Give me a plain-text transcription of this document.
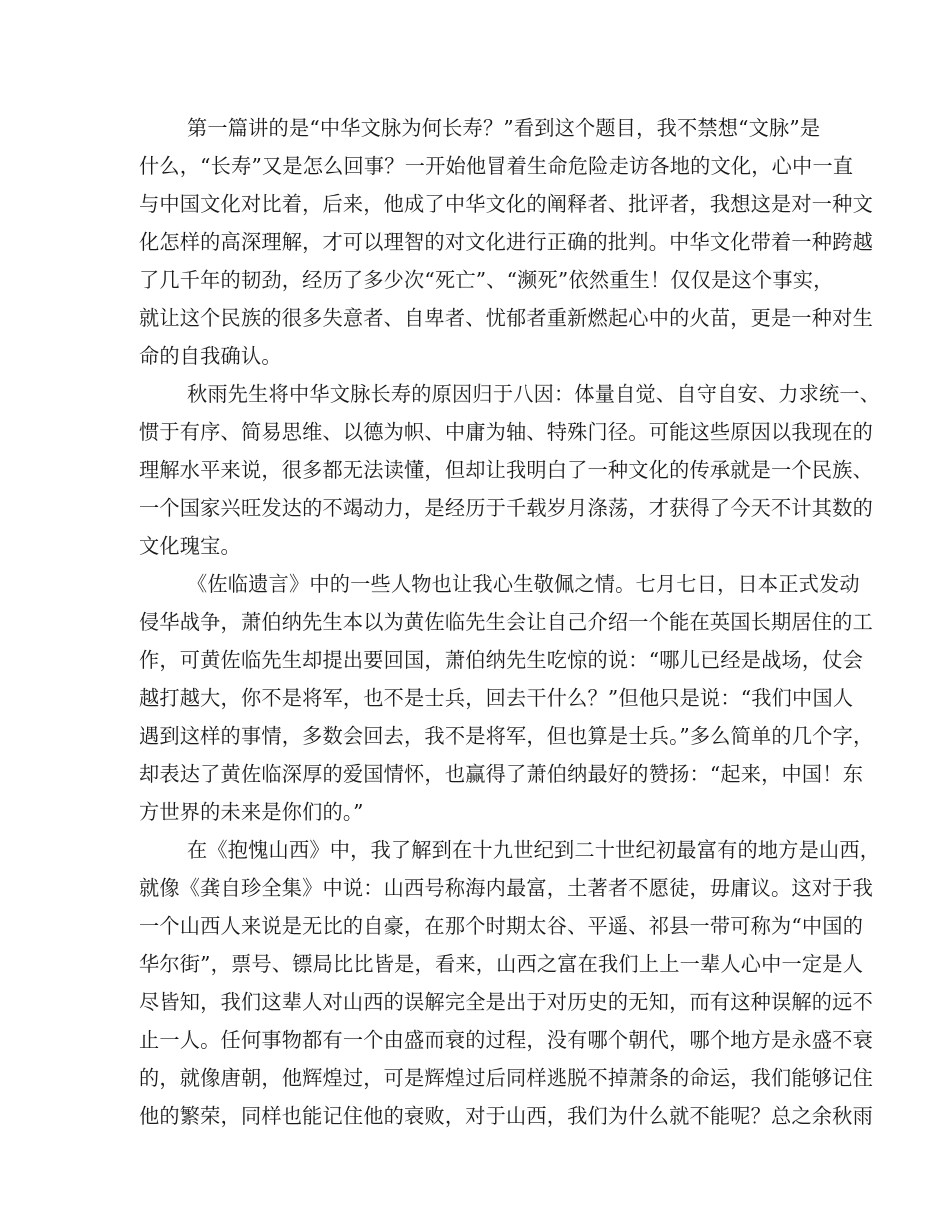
第一篇讲的是“中华文脉为何长寿？”看到这个题目，我不禁想“文脉”是
什么，“长寿”又是怎么回事？一开始他冒着生命危险走访各地的文化，心中一直
与中国文化对比着，后来，他成了中华文化的阐释者、批评者，我想这是对一种文
化怎样的高深理解，才可以理智的对文化进行正确的批判。中华文化带着一种跨越
了几千年的韧劲，经历了多少次“死亡”、“濒死”依然重生！仅仅是这个事实，
就让这个民族的很多失意者、自卑者、忧郁者重新燃起心中的火苗，更是一种对生
命的自我确认。
秋雨先生将中华文脉长寿的原因归于八因：体量自觉、自守自安、力求统一、
惯于有序、简易思维、以德为帜、中庸为轴、特殊门径。可能这些原因以我现在的
理解水平来说，很多都无法读懂，但却让我明白了一种文化的传承就是一个民族、
一个国家兴旺发达的不竭动力，是经历于千载岁月涤荡，才获得了今天不计其数的
文化瑰宝。
《佐临遗言》中的一些人物也让我心生敬佩之情。七月七日，日本正式发动
侵华战争，萧伯纳先生本以为黄佐临先生会让自己介绍一个能在英国长期居住的工
作，可黄佐临先生却提出要回国，萧伯纳先生吃惊的说：“哪儿已经是战场，仗会
越打越大，你不是将军，也不是士兵，回去干什么？”但他只是说：“我们中国人
遇到这样的事情，多数会回去，我不是将军，但也算是士兵。”多么简单的几个字，
却表达了黄佐临深厚的爱国情怀，也赢得了萧伯纳最好的赞扬：“起来，中国！东
方世界的未来是你们的。”
在《抱愧山西》中，我了解到在十九世纪到二十世纪初最富有的地方是山西，
就像《龚自珍全集》中说：山西号称海内最富，土著者不愿徒，毋庸议。这对于我
一个山西人来说是无比的自豪，在那个时期太谷、平遥、祁县一带可称为“中国的
华尔街”，票号、镖局比比皆是，看来，山西之富在我们上上一辈人心中一定是人
尽皆知，我们这辈人对山西的误解完全是出于对历史的无知，而有这种误解的远不
止一人。任何事物都有一个由盛而衰的过程，没有哪个朝代，哪个地方是永盛不衰
的，就像唐朝，他辉煌过，可是辉煌过后同样逃脱不掉萧条的命运，我们能够记住
他的繁荣，同样也能记住他的衰败，对于山西，我们为什么就不能呢？总之余秋雨
